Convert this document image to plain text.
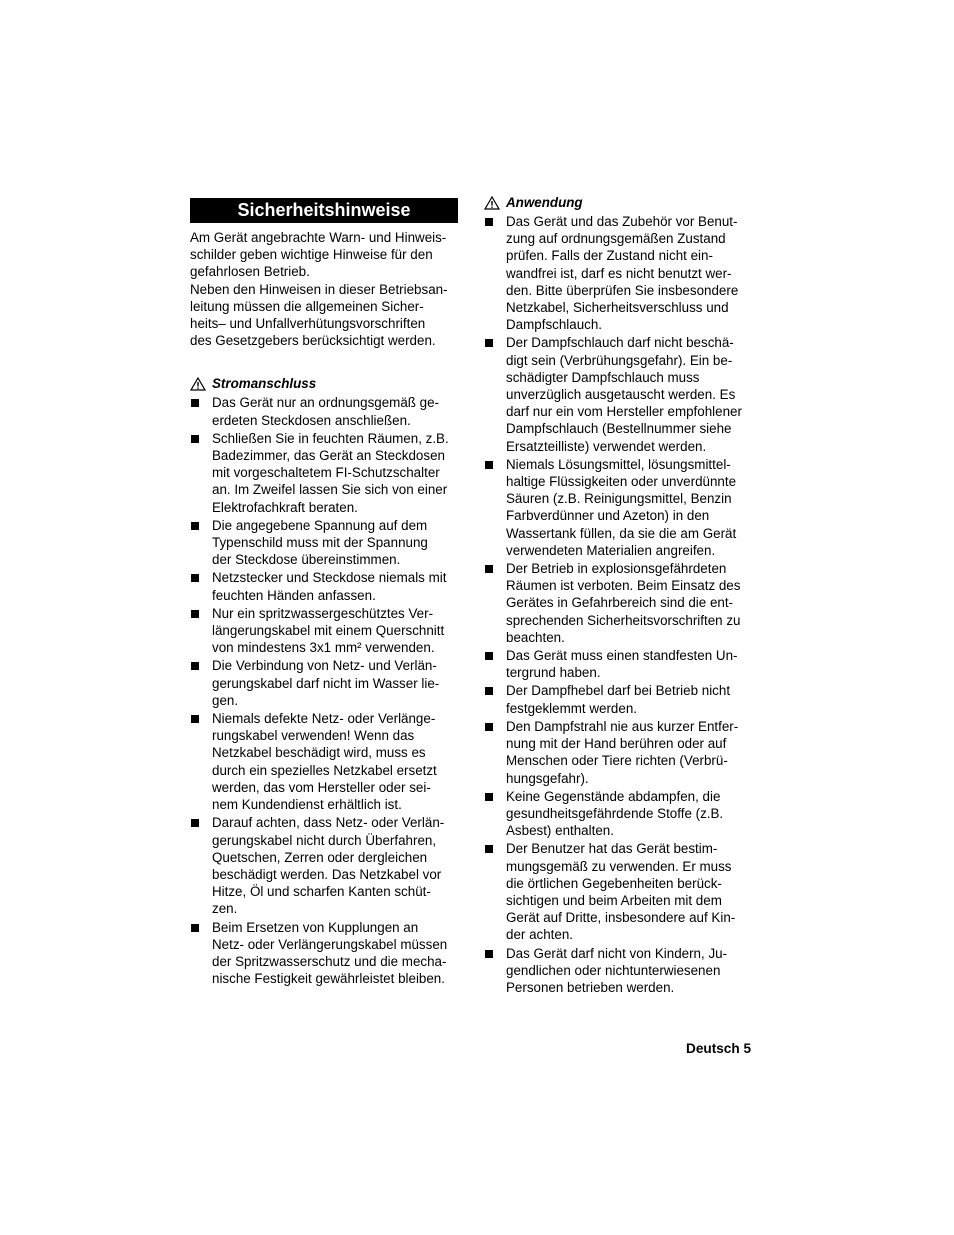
Sicherheitshinweise

Am Gerät angebrachte Warn- und Hinweis-

schilder geben wichtige Hinweise für den

gefahrlosen Betrieb.

Neben den Hinweisen in dieser Betriebsan-

leitung müssen die allgemeinen Sicher-

heits– und Unfallverhütungsvorschriften

des Gesetzgebers berücksichtigt werden.

Stromanschluss
Das Gerät nur an ordnungsgemäß ge-
erdeten Steckdosen anschließen.
Schließen Sie in feuchten Räumen, z.B.
Badezimmer, das Gerät an Steckdosen
mit vorgeschaltetem FI-Schutzschalter
an. Im Zweifel lassen Sie sich von einer
Elektrofachkraft beraten.
Die angegebene Spannung auf dem
Typenschild muss mit der Spannung
der Steckdose übereinstimmen.
Netzstecker und Steckdose niemals mit
feuchten Händen anfassen.
Nur ein spritzwassergeschütztes Ver-
längerungskabel mit einem Querschnitt
von mindestens 3x1 mm² verwenden.
Die Verbindung von Netz- und Verlän-
gerungskabel darf nicht im Wasser lie-
gen.
Niemals defekte Netz- oder Verlänge-
rungskabel verwenden! Wenn das
Netzkabel beschädigt wird, muss es
durch ein spezielles Netzkabel ersetzt
werden, das vom Hersteller oder sei-
nem Kundendienst erhältlich ist.
Darauf achten, dass Netz- oder Verlän-
gerungskabel nicht durch Überfahren,
Quetschen, Zerren oder dergleichen
beschädigt werden. Das Netzkabel vor
Hitze, Öl und scharfen Kanten schüt-
zen.
Beim Ersetzen von Kupplungen an
Netz- oder Verlängerungskabel müssen
der Spritzwasserschutz und die mecha-
nische Festigkeit gewährleistet bleiben.
Anwendung
Das Gerät und das Zubehör vor Benut-
zung auf ordnungsgemäßen Zustand
prüfen. Falls der Zustand nicht ein-
wandfrei ist, darf es nicht benutzt wer-
den. Bitte überprüfen Sie insbesondere
Netzkabel, Sicherheitsverschluss und
Dampfschlauch.
Der Dampfschlauch darf nicht beschä-
digt sein (Verbrühungsgefahr). Ein be-
schädigter Dampfschlauch muss
unverzüglich ausgetauscht werden. Es
darf nur ein vom Hersteller empfohlener
Dampfschlauch (Bestellnummer siehe
Ersatzteilliste) verwendet werden.
Niemals Lösungsmittel, lösungsmittel-
haltige Flüssigkeiten oder unverdünnte
Säuren (z.B. Reinigungsmittel, Benzin
Farbverdünner und Azeton) in den
Wassertank füllen, da sie die am Gerät
verwendeten Materialien angreifen.
Der Betrieb in explosionsgefährdeten
Räumen ist verboten. Beim Einsatz des
Gerätes in Gefahrbereich sind die ent-
sprechenden Sicherheitsvorschriften zu
beachten.
Das Gerät muss einen standfesten Un-
tergrund haben.
Der Dampfhebel darf bei Betrieb nicht
festgeklemmt werden.
Den Dampfstrahl nie aus kurzer Entfer-
nung mit der Hand berühren oder auf
Menschen oder Tiere richten (Verbrü-
hungsgefahr).
Keine Gegenstände abdampfen, die
gesundheitsgefährdende Stoffe (z.B.
Asbest) enthalten.
Der Benutzer hat das Gerät bestim-
mungsgemäß zu verwenden. Er muss
die örtlichen Gegebenheiten berück-
sichtigen und beim Arbeiten mit dem
Gerät auf Dritte, insbesondere auf Kin-
der achten.
Das Gerät darf nicht von Kindern, Ju-
gendlichen oder nichtunterwiesenen
Personen betrieben werden.
Deutsch 5
